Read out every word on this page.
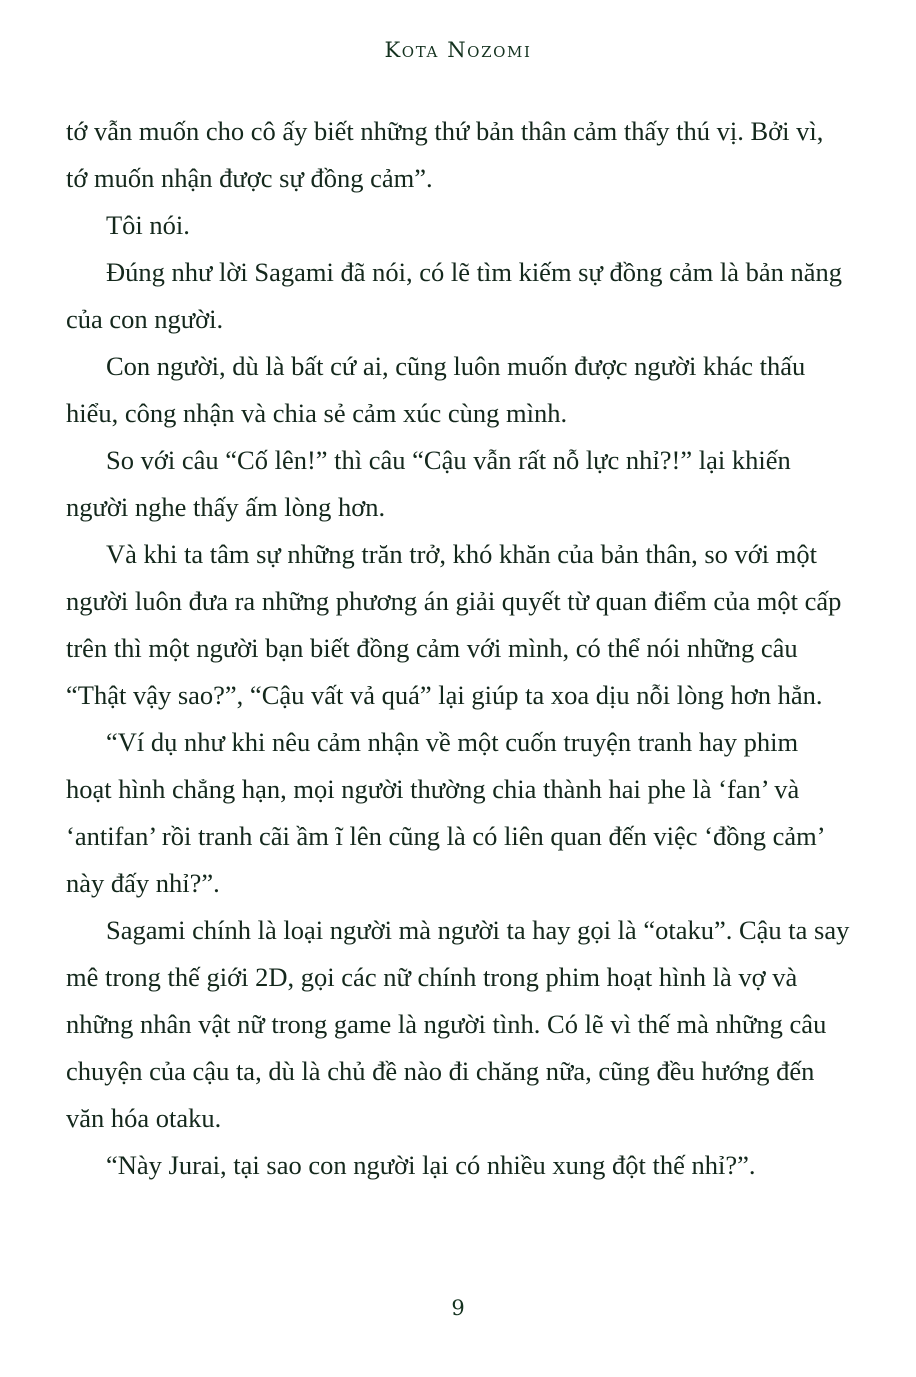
Kota Nozomi

tớ vẫn muốn cho cô ấy biết những thứ bản thân cảm thấy thú vị. Bởi vì, tớ muốn nhận được sự đồng cảm”.

Tôi nói.

Đúng như lời Sagami đã nói, có lẽ tìm kiếm sự đồng cảm là bản năng của con người.

Con người, dù là bất cứ ai, cũng luôn muốn được người khác thấu hiểu, công nhận và chia sẻ cảm xúc cùng mình.

So với câu “Cố lên!” thì câu “Cậu vẫn rất nỗ lực nhỉ?!” lại khiến người nghe thấy ấm lòng hơn.

Và khi ta tâm sự những trăn trở, khó khăn của bản thân, so với một người luôn đưa ra những phương án giải quyết từ quan điểm của một cấp trên thì một người bạn biết đồng cảm với mình, có thể nói những câu “Thật vậy sao?”, “Cậu vất vả quá” lại giúp ta xoa dịu nỗi lòng hơn hẳn.

“Ví dụ như khi nêu cảm nhận về một cuốn truyện tranh hay phim hoạt hình chẳng hạn, mọi người thường chia thành hai phe là ‘fan’ và ‘antifan’ rồi tranh cãi ầm ĩ lên cũng là có liên quan đến việc ‘đồng cảm’ này đấy nhỉ?”.

Sagami chính là loại người mà người ta hay gọi là “otaku”. Cậu ta say mê trong thế giới 2D, gọi các nữ chính trong phim hoạt hình là vợ và những nhân vật nữ trong game là người tình. Có lẽ vì thế mà những câu chuyện của cậu ta, dù là chủ đề nào đi chăng nữa, cũng đều hướng đến văn hóa otaku.

“Này Jurai, tại sao con người lại có nhiều xung đột thế nhỉ?”.

9
